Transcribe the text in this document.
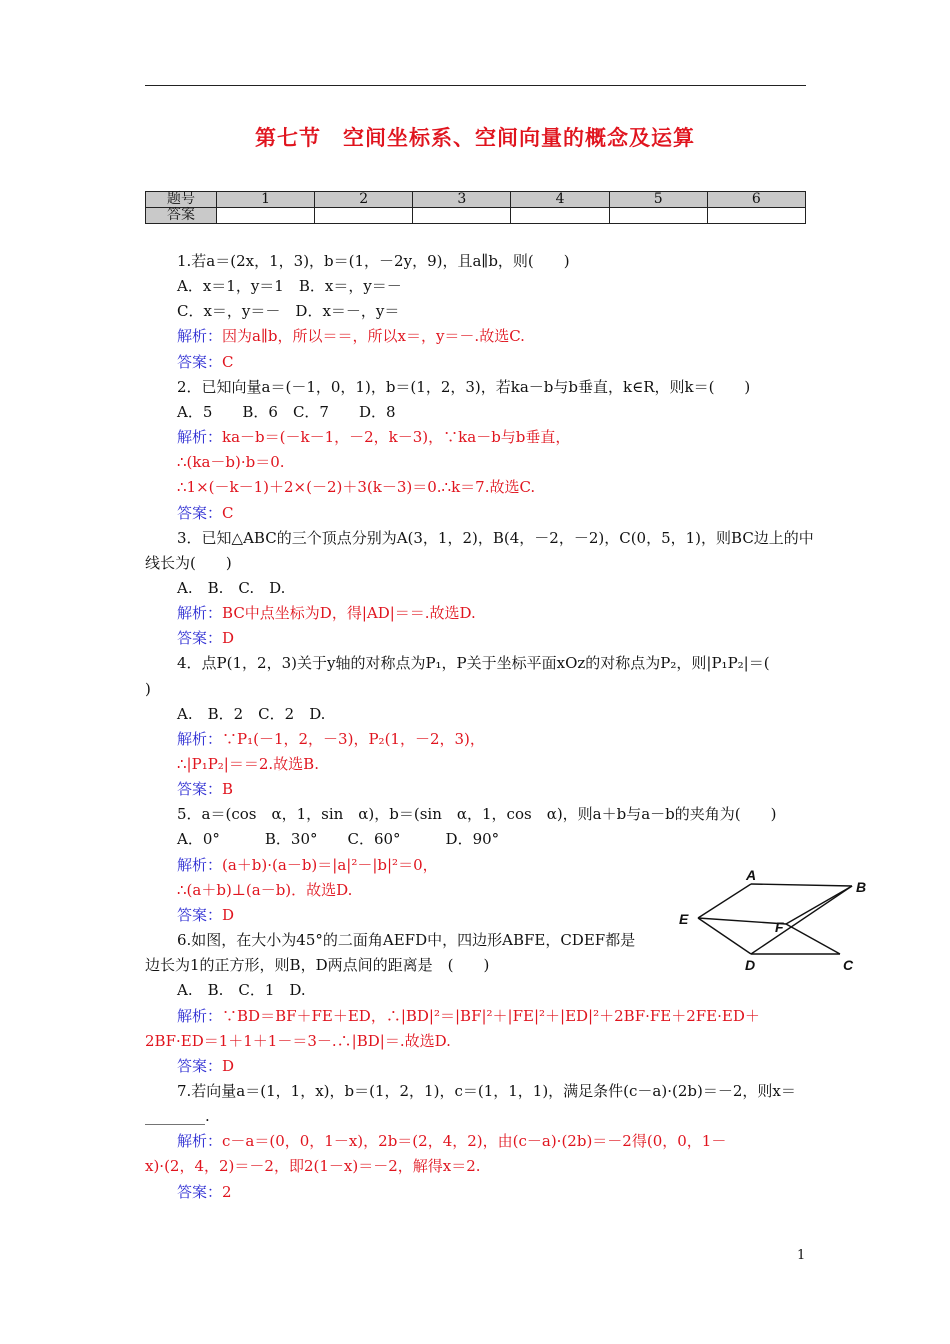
第七节　空间坐标系、空间向量的概念及运算
题号	1	2	3	4	5	6
答案						
1.若a＝(2x，1，3)，b＝(1，－2y，9)，且a∥b，则(　　)
A．x＝1，y＝1　B．x＝，y＝－
C．x＝，y＝－　D．x＝－，y＝
解析：因为a∥b，所以＝＝，所以x＝，y＝－.故选C.
答案：C
2．已知向量a＝(－1，0，1)，b＝(1，2，3)，若ka－b与b垂直，k∈R，则k＝(　　)
A．5　　B．6　C．7　　D．8
解析：ka－b＝(－k－1，－2，k－3)，∵ka－b与b垂直，
∴(ka－b)·b＝0.
∴1×(－k－1)＋2×(－2)＋3(k－3)＝0.∴k＝7.故选C.
答案：C
3．已知△ABC的三个顶点分别为A(3，1，2)，B(4，－2，－2)，C(0，5，1)，则BC边上的中
线长为(　　)
A.　B.　C.　D.
解析：BC中点坐标为D，得|AD|＝＝.故选D.
答案：D
4．点P(1，2，3)关于y轴的对称点为P₁，P关于坐标平面xOz的对称点为P₂，则|P₁P₂|＝(
)
A.　B．2　C．2　D.
解析：∵P₁(－1，2，－3)，P₂(1，－2，3)，
∴|P₁P₂|＝＝2.故选B.
答案：B
5．a＝(cos　α，1，sin　α)，b＝(sin　α，1，cos　α)，则a＋b与a－b的夹角为(　　)
A．0°　　　B．30°　　C．60°　　　D．90°
解析：(a＋b)·(a－b)＝|a|²－|b|²＝0，
∴(a＋b)⊥(a－b)．故选D.
答案：D
6.如图，在大小为45°的二面角AEFD中，四边形ABFE，CDEF都是
边长为1的正方形，则B，D两点间的距离是　(　　)
A.　B.　C．1　D.
解析：∵BD＝BF＋FE＋ED，∴|BD|²＝|BF|²＋|FE|²＋|ED|²＋2BF·FE＋2FE·ED＋
2BF·ED＝1＋1＋1－＝3－.∴|BD|＝.故选D.
答案：D
7.若向量a＝(1，1，x)，b＝(1，2，1)，c＝(1，1，1)，满足条件(c－a)·(2b)＝－2，则x＝
________.
解析：c－a＝(0，0，1－x)，2b＝(2，4，2)，由(c－a)·(2b)＝－2得(0，0，1－
x)·(2，4，2)＝－2，即2(1－x)＝－2，解得x＝2.
答案：2
A
B
E	F
D	C
1
